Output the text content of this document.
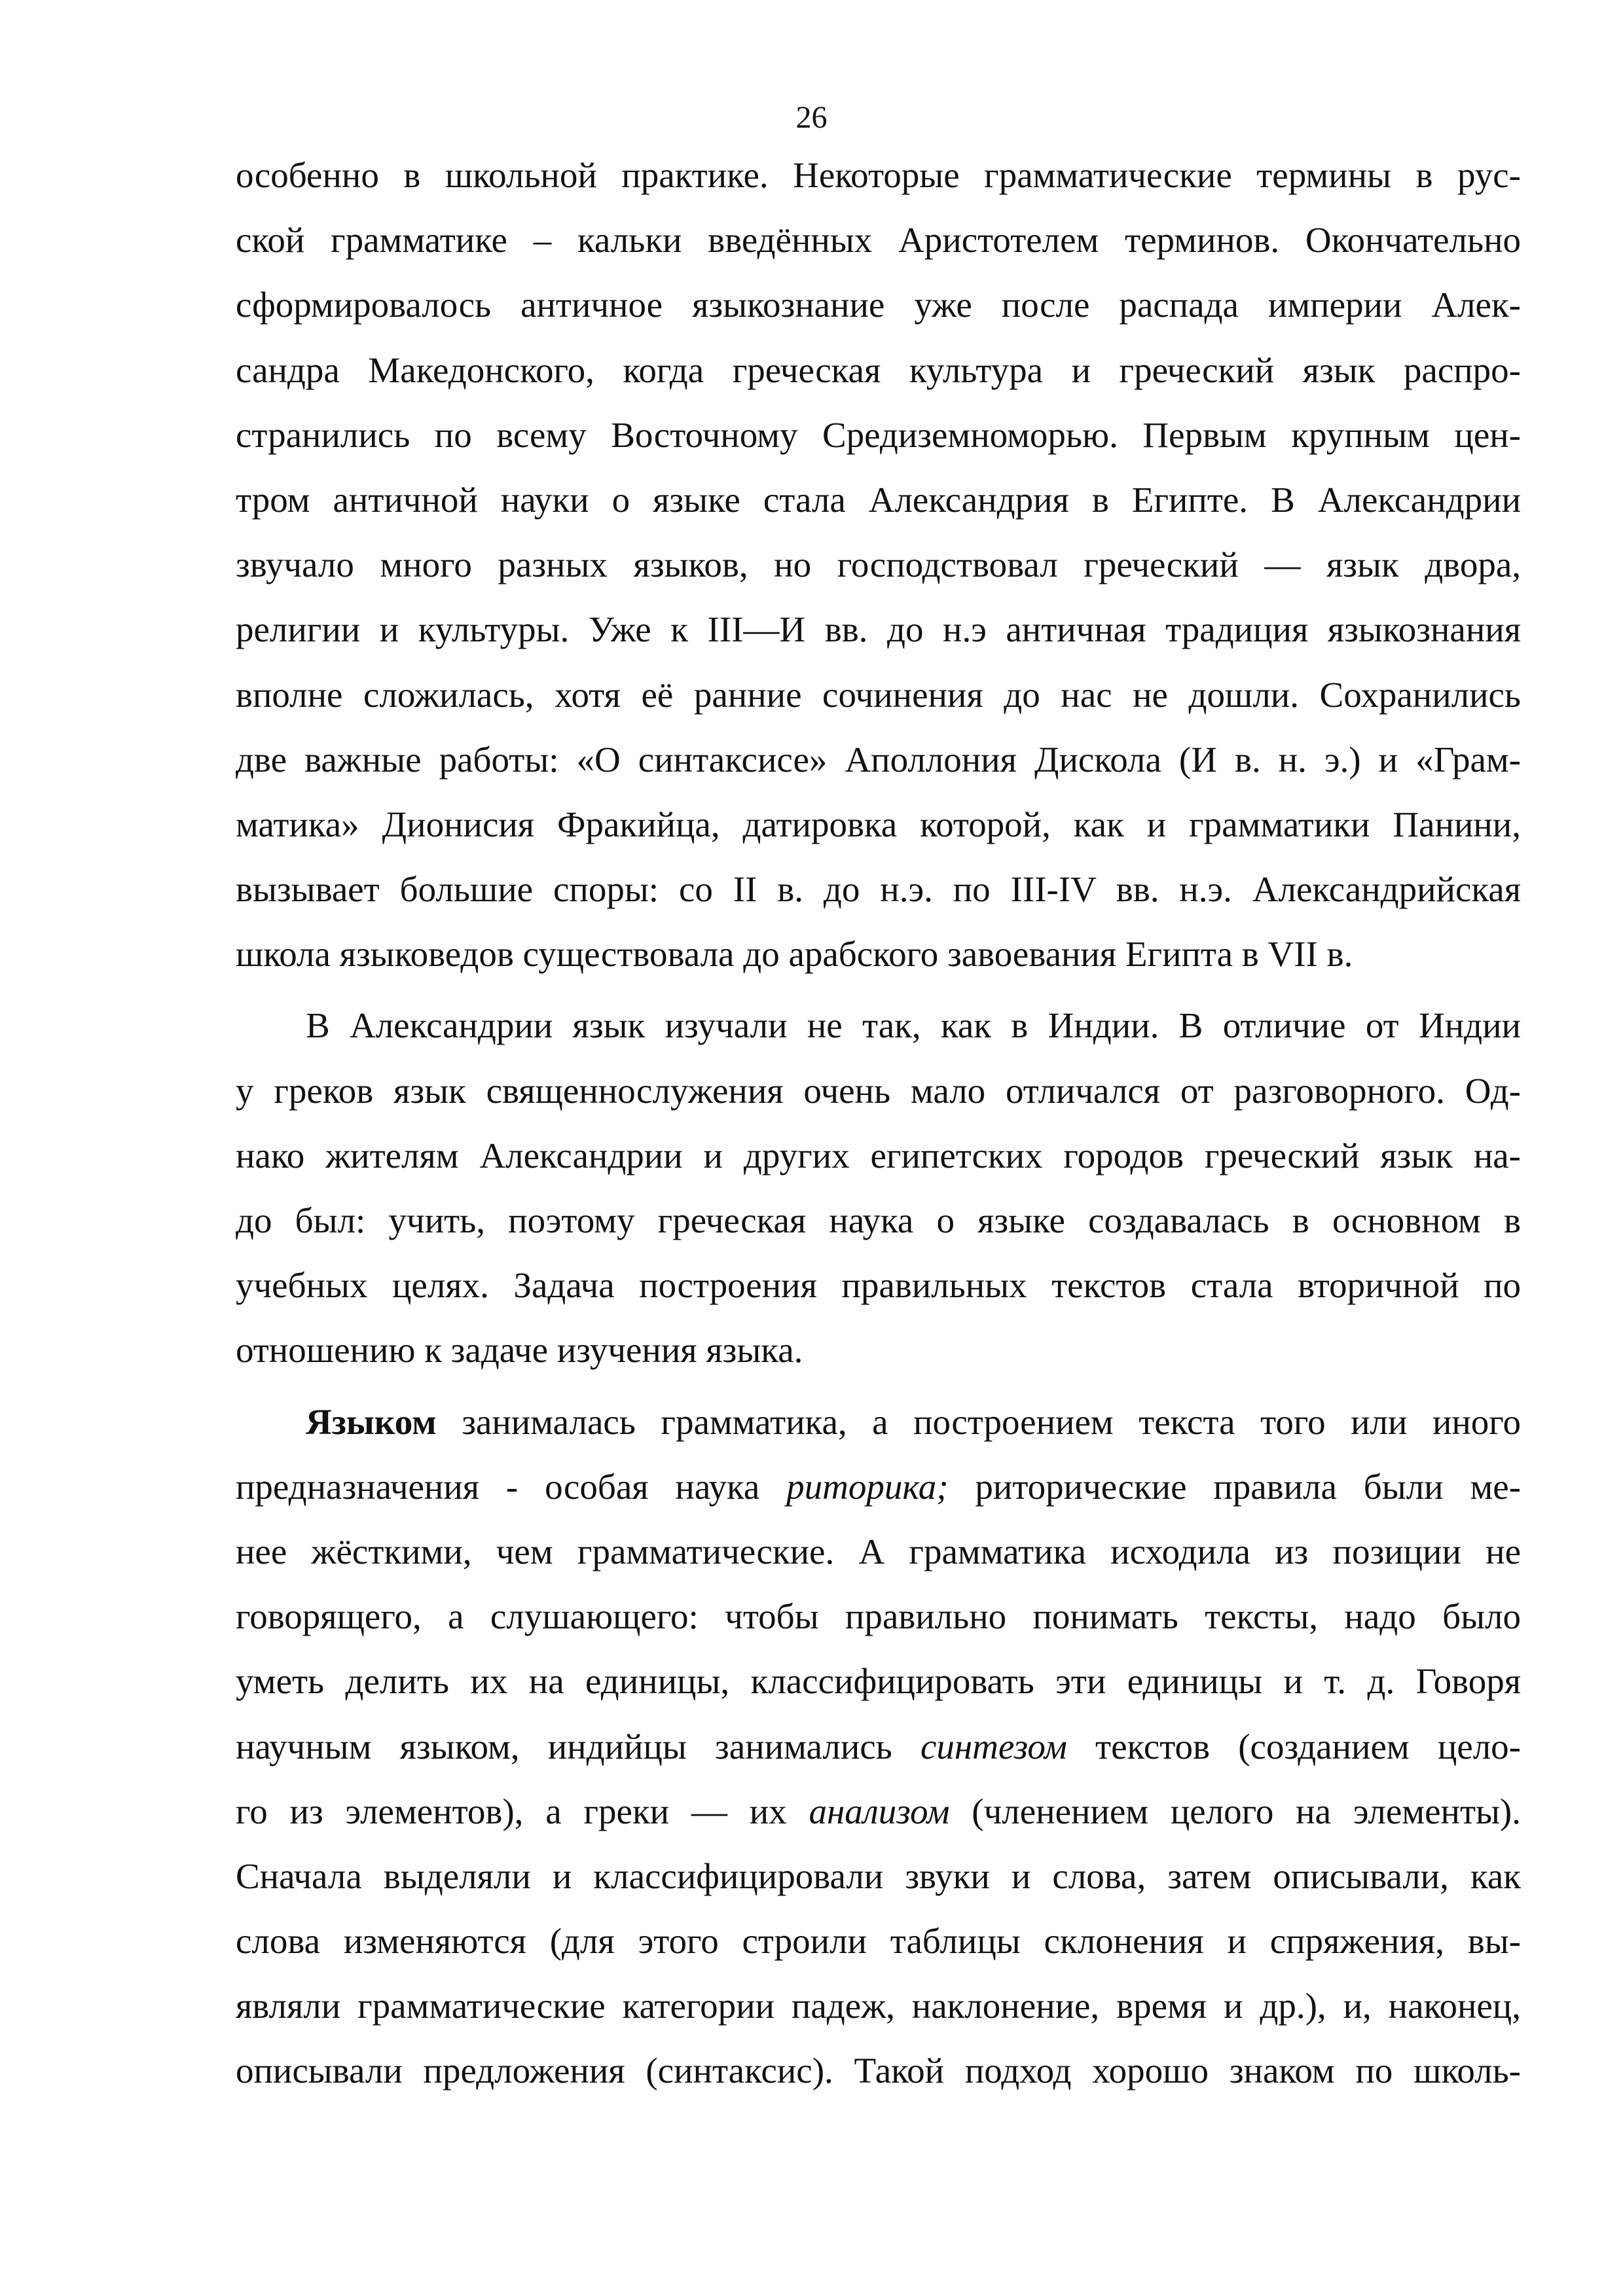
26
особенно в школьной практике. Некоторые грамматические термины в рус-
ской грамматике – кальки введённых Аристотелем терминов. Окончательно
сформировалось античное языкознание уже после распада империи Алек-
сандра Македонского, когда греческая культура и греческий язык распро-
странились по всему Восточному Средиземноморью. Первым крупным цен-
тром античной науки о языке стала Александрия в Египте. В Александрии
звучало много разных языков, но господствовал греческий — язык двора,
религии и культуры. Уже к III—И вв. до н.э античная традиция языкознания
вполне сложилась, хотя её ранние сочинения до нас не дошли. Сохранились
две важные работы: «О синтаксисе» Аполлония Дискола (И в. н. э.) и «Грам-
матика» Дионисия Фракийца, датировка которой, как и грамматики Панини,
вызывает большие споры: со II в. до н.э. по III-IV вв. н.э. Александрийская
школа языковедов существовала до арабского завоевания Египта в VII в.
В Александрии язык изучали не так, как в Индии. В отличие от Индии
у греков язык священнослужения очень мало отличался от разговорного. Од-
нако жителям Александрии и других египетских городов греческий язык на-
до был: учить, поэтому греческая наука о языке создавалась в основном в
учебных целях. Задача построения правильных текстов стала вторичной по
отношению к задаче изучения языка.
Языком занималась грамматика, а построением текста того или иного
предназначения - особая наука риторика; риторические правила были ме-
нее жёсткими, чем грамматические. А грамматика исходила из позиции не
говорящего, а слушающего: чтобы правильно понимать тексты, надо было
уметь делить их на единицы, классифицировать эти единицы и т. д. Говоря
научным языком, индийцы занимались синтезом текстов (созданием цело-
го из элементов), а греки — их анализом (членением целого на элементы).
Сначала выделяли и классифицировали звуки и слова, затем описывали, как
слова изменяются (для этого строили таблицы склонения и спряжения, вы-
являли грамматические категории падеж, наклонение, время и др.), и, наконец,
описывали предложения (синтаксис). Такой подход хорошо знаком по школь-
